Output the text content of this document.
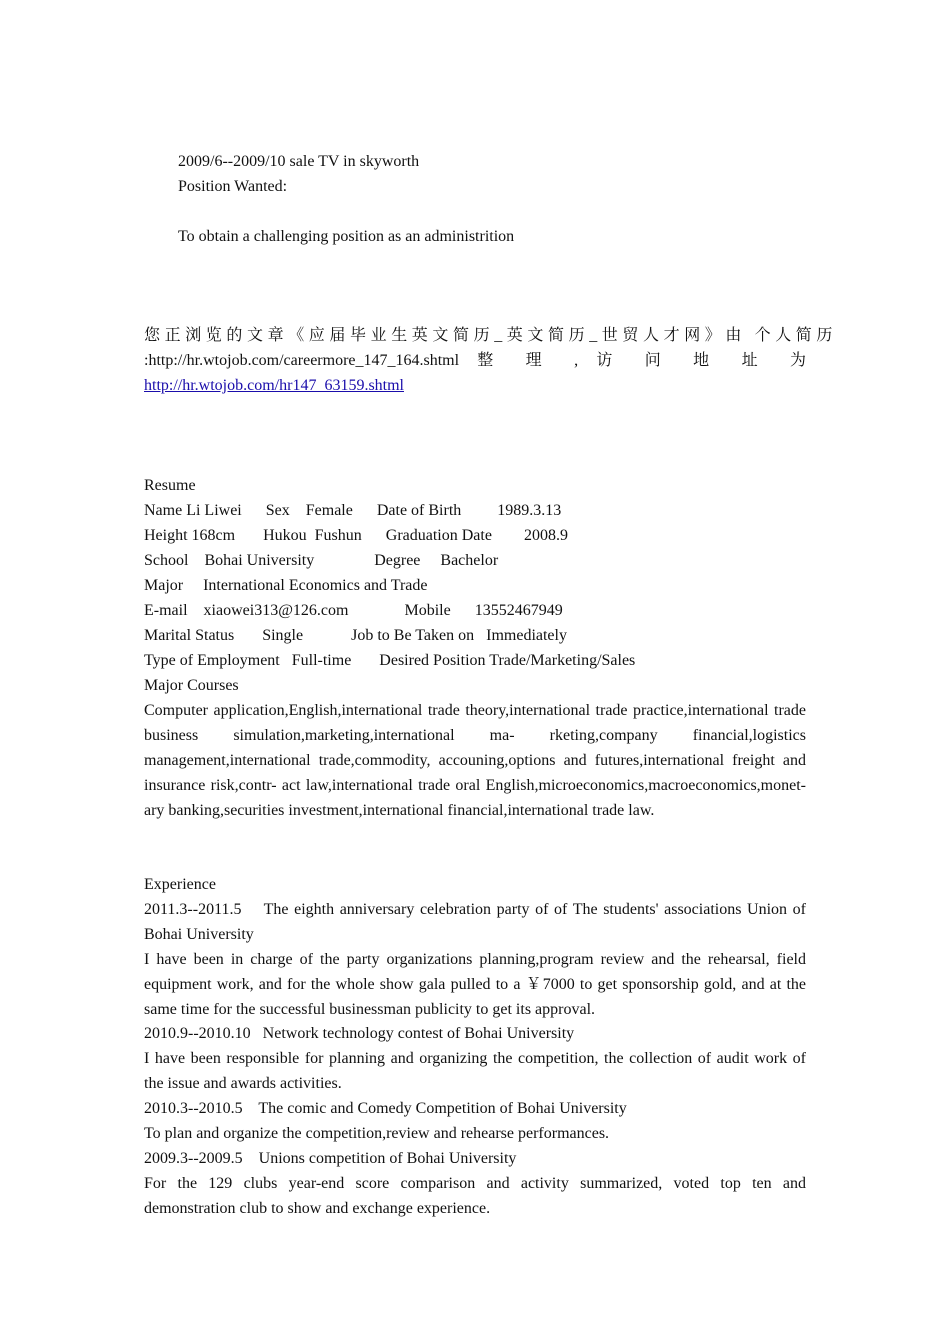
2009/6--2009/10 sale TV in skyworth
Position Wanted:
To obtain a challenging position as an administrition
您正浏览的文章《应届毕业生英文简历_英文简历_世贸人才网》由 个人简历
:http://hr.wtojob.com/careermore_147_164.shtml 整 理 , 访 问 地 址 为
http://hr.wtojob.com/hr147_63159.shtml
Resume
Name Li Liwei      Sex    Female      Date of Birth         1989.3.13
Height 168cm       Hukou  Fushun      Graduation Date        2008.9
School    Bohai University               Degree     Bachelor
Major     International Economics and Trade
E-mail    xiaowei313@126.com              Mobile      13552467949
Marital Status       Single            Job to Be Taken on   Immediately
Type of Employment   Full-time       Desired Position Trade/Marketing/Sales
Major Courses
Computer application,English,international trade theory,international trade practice,international trade business simulation,marketing,international ma- rketing,company financial,logistics management,international trade,commodity, accouning,options and futures,international freight and insurance risk,contr- act law,international trade oral English,microeconomics,macroeconomics,monet- ary banking,securities investment,international financial,international trade law.
Experience
2011.3--2011.5    The eighth anniversary celebration party of of The students' associations Union of Bohai University
I have been in charge of the party organizations planning,program review and the rehearsal, field equipment work, and for the whole show gala pulled to a ￥7000 to get sponsorship gold, and at the same time for the successful businessman publicity to get its approval.
2010.9--2010.10   Network technology contest of Bohai University
I have been responsible for planning and organizing the competition, the collection of audit work of the issue and awards activities.
2010.3--2010.5    The comic and Comedy Competition of Bohai University
To plan and organize the competition,review and rehearse performances.
2009.3--2009.5    Unions competition of Bohai University
For the 129 clubs year-end score comparison and activity summarized, voted top ten and demonstration club to show and exchange experience.
